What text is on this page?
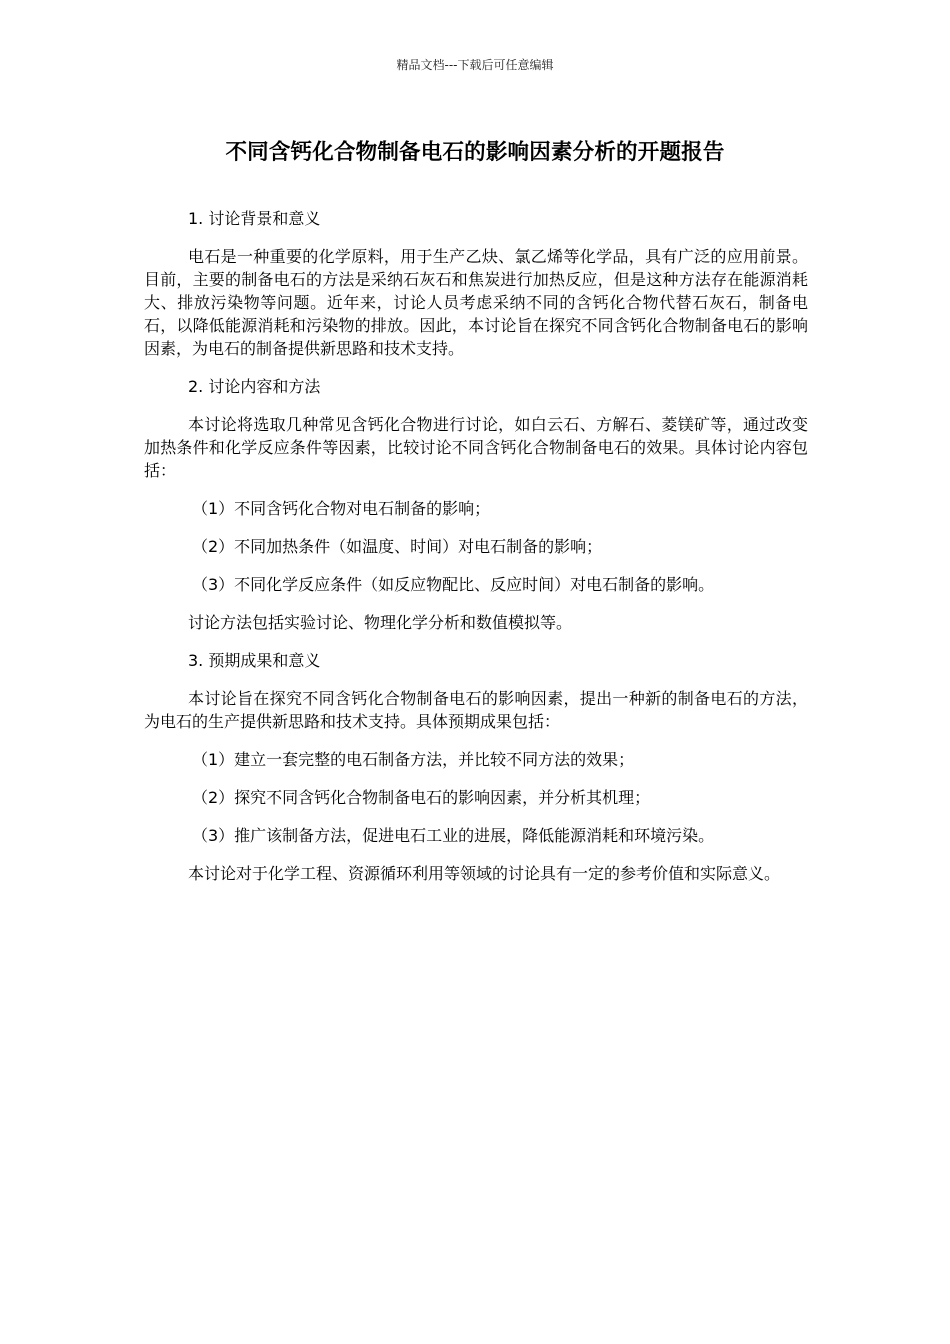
精品文档---下载后可任意编辑
不同含钙化合物制备电石的影响因素分析的开题报告

1. 讨论背景和意义

电石是一种重要的化学原料，用于生产乙炔、氯乙烯等化学品，具有广泛的应用前景。目前，主要的制备电石的方法是采纳石灰石和焦炭进行加热反应，但是这种方法存在能源消耗大、排放污染物等问题。近年来，讨论人员考虑采纳不同的含钙化合物代替石灰石，制备电石，以降低能源消耗和污染物的排放。因此，本讨论旨在探究不同含钙化合物制备电石的影响因素，为电石的制备提供新思路和技术支持。

2. 讨论内容和方法

本讨论将选取几种常见含钙化合物进行讨论，如白云石、方解石、菱镁矿等，通过改变加热条件和化学反应条件等因素，比较讨论不同含钙化合物制备电石的效果。具体讨论内容包括：

（1）不同含钙化合物对电石制备的影响；

（2）不同加热条件（如温度、时间）对电石制备的影响；

（3）不同化学反应条件（如反应物配比、反应时间）对电石制备的影响。

讨论方法包括实验讨论、物理化学分析和数值模拟等。

3. 预期成果和意义

本讨论旨在探究不同含钙化合物制备电石的影响因素，提出一种新的制备电石的方法，为电石的生产提供新思路和技术支持。具体预期成果包括：

（1）建立一套完整的电石制备方法，并比较不同方法的效果；

（2）探究不同含钙化合物制备电石的影响因素，并分析其机理；

（3）推广该制备方法，促进电石工业的进展，降低能源消耗和环境污染。

本讨论对于化学工程、资源循环利用等领域的讨论具有一定的参考价值和实际意义。
